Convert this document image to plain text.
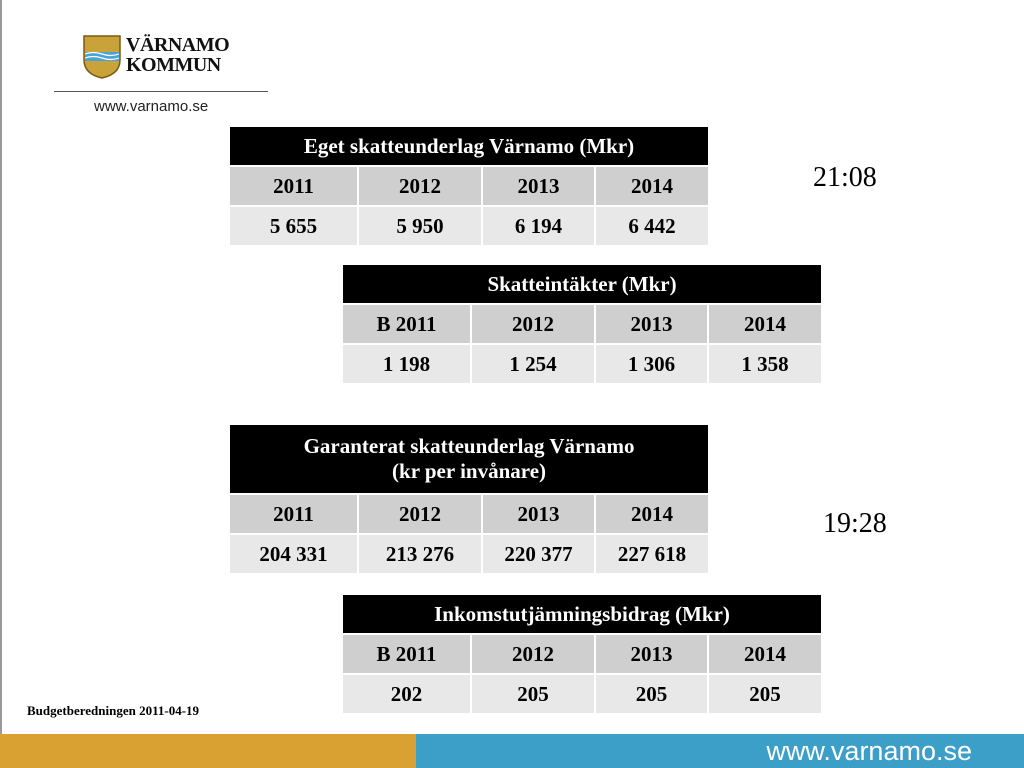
VÄRNAMO
KOMMUN
www.varnamo.se
Eget skatteunderlag Värnamo (Mkr)			
2011	2012	2013	2014
5 655	5 950	6 194	6 442
Skatteintäkter (Mkr)			
B 2011	2012	2013	2014
1 198	1 254	1 306	1 358
Garanterat skatteunderlag Värnamo
(kr per invånare)			

2011	2012	2013	2014
204 331	213 276	220 377	227 618
Inkomstutjämningsbidrag (Mkr)			
B 2011	2012	2013	2014
202	205	205	205
21:08
19:28
Budgetberedningen 2011-04-19
www.varnamo.se
